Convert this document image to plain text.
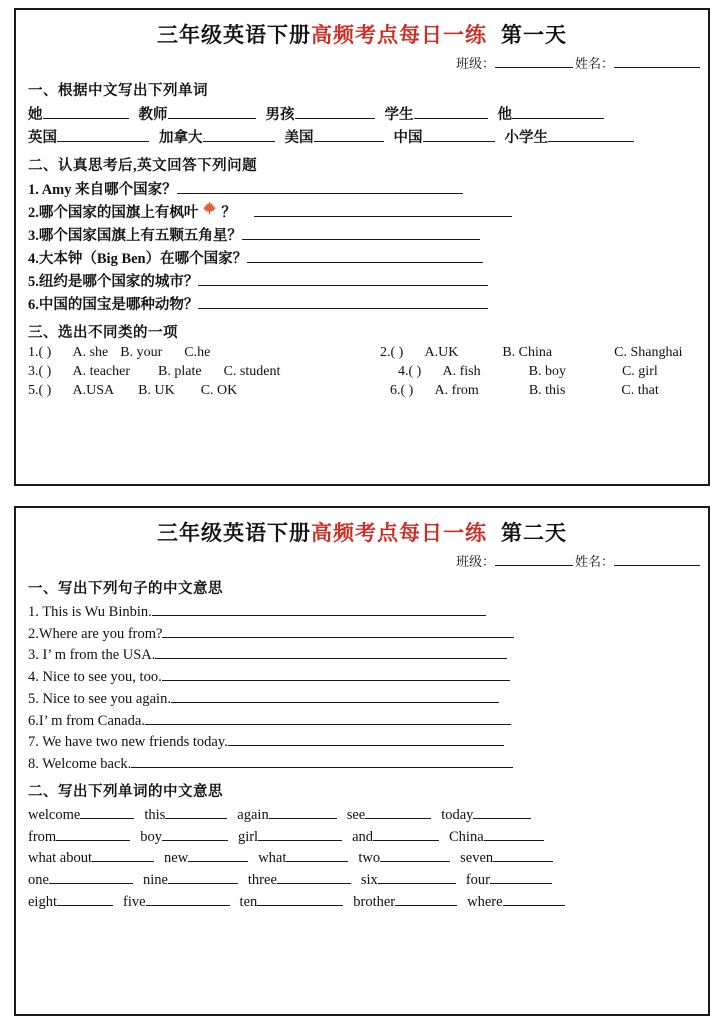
三年级英语下册高频考点每日一练 第一天
班级：	姓名：
一、根据中文写出下列单词
她	教师	男孩	学生	他
英国	加拿大	美国	中国	小学生
二、认真思考后,英文回答下列问题
1. Amy 来自哪个国家？
2.哪个国家的国旗上有枫叶 ？
3.哪个国家国旗上有五颗五角星？
4.大本钟（Big Ben）在哪个国家？
5.纽约是哪个国家的城市？
6.中国的国宝是哪种动物？
三、选出不同类的一项
1. ( )	A. she B. your C.he	2. ( )	A.UK	B. China	C. Shanghai
3. ( )	A. teacher B. plate C. student	4. ( )	A. fish	B. boy	C. girl
5. ( )	A.USA B. UK C. OK	6. ( )	A. from	B. this	C. that
三年级英语下册高频考点每日一练 第二天
班级：	姓名：
一、写出下列句子的中文意思
1. This is Wu Binbin.
2.Where are you from?
3. I’ m from the USA.
4. Nice to see you, too.
5. Nice to see you again.
6.I’ m from Canada.
7. We have two new friends today.
8. Welcome back.
二、写出下列单词的中文意思
welcome	this	again	see	today
from	boy	girl	and	China
what about	new	what	two	seven
one	nine	three	six	four
eight	five	ten	brother	where
